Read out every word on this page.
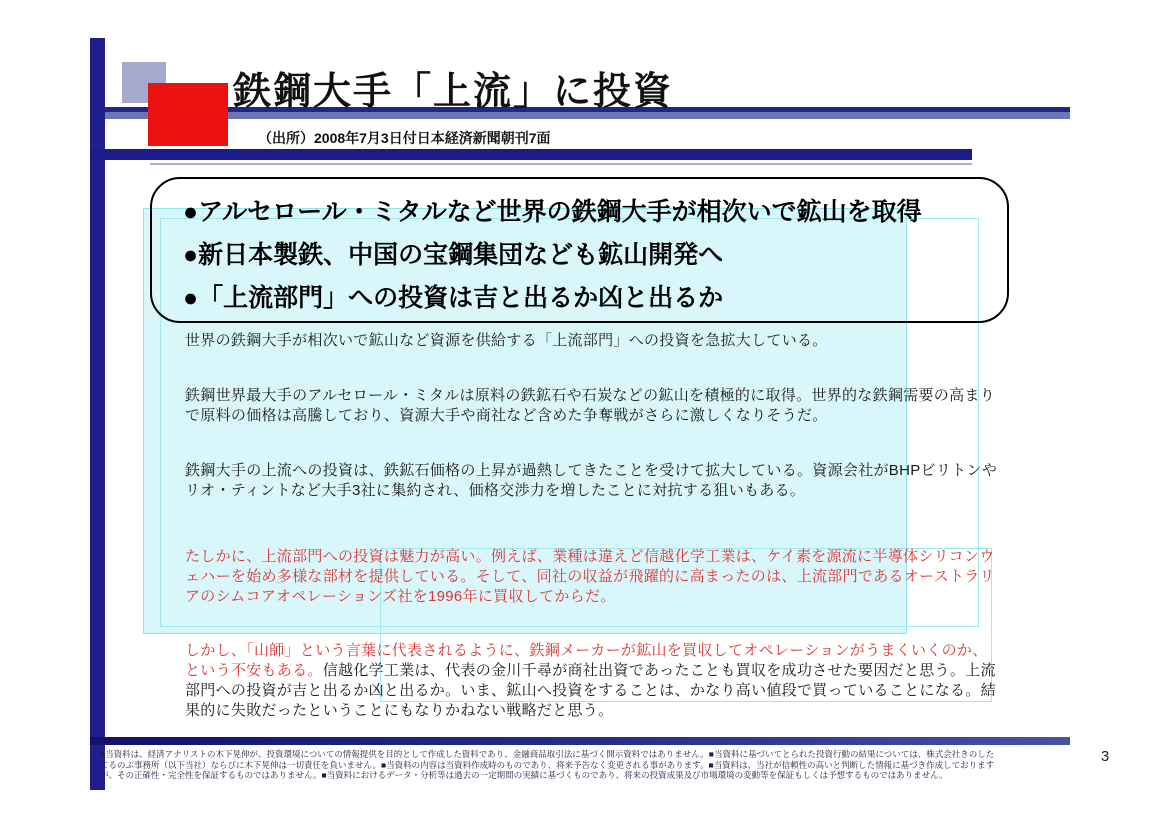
鉄鋼大手「上流」に投資
（出所）2008年7月3日付日本経済新聞朝刊7面
●アルセロール・ミタルなど世界の鉄鋼大手が相次いで鉱山を取得
●新日本製鉄、中国の宝鋼集団なども鉱山開発へ
●「上流部門」への投資は吉と出るか凶と出るか
世界の鉄鋼大手が相次いで鉱山など資源を供給する「上流部門」への投資を急拡大している。
鉄鋼世界最大手のアルセロール・ミタルは原料の鉄鉱石や石炭などの鉱山を積極的に取得。世界的な鉄鋼需要の高まりで原料の価格は高騰しており、資源大手や商社など含めた争奪戦がさらに激しくなりそうだ。
鉄鋼大手の上流への投資は、鉄鉱石価格の上昇が過熱してきたことを受けて拡大している。資源会社がBHPビリトンやリオ・ティントなど大手3社に集約され、価格交渉力を増したことに対抗する狙いもある。
たしかに、上流部門への投資は魅力が高い。例えば、業種は違えど信越化学工業は、ケイ素を源流に半導体シリコンウェハーを始め多様な部材を提供している。そして、同社の収益が飛躍的に高まったのは、上流部門であるオーストラリアのシムコアオペレーションズ社を1996年に買収してからだ。
しかし、「山師」という言葉に代表されるように、鉄鋼メーカーが鉱山を買収してオペレーションがうまくいくのか、という不安もある。信越化学工業は、代表の金川千尋が商社出資であったことも買収を成功させた要因だと思う。上流部門への投資が吉と出るか凶と出るか。いま、鉱山へ投資をすることは、かなり高い値段で買っていることになる。結果的に失敗だったということにもなりかねない戦略だと思う。
■当資料は、経済アナリストの木下晃伸が、投資環境についての情報提供を目的として作成した資料であり、金融商品取引法に基づく開示資料ではありません。■当資料に基づいてとられた投資行動の結果については、株式会社きのした
てるのぶ事務所（以下当社）ならびに木下晃伸は一切責任を負いません。■当資料の内容は当資料作成時のものであり、将来予告なく変更される事があります。■当資料は、当社が信頼性の高いと判断した情報に基づき作成しております
が、その正確性・完全性を保証するものではありません。■当資料におけるデータ・分析等は過去の一定期間の実績に基づくものであり、将来の投資成果及び市場環境の変動等を保証もしくは予想するものではありません。
3
